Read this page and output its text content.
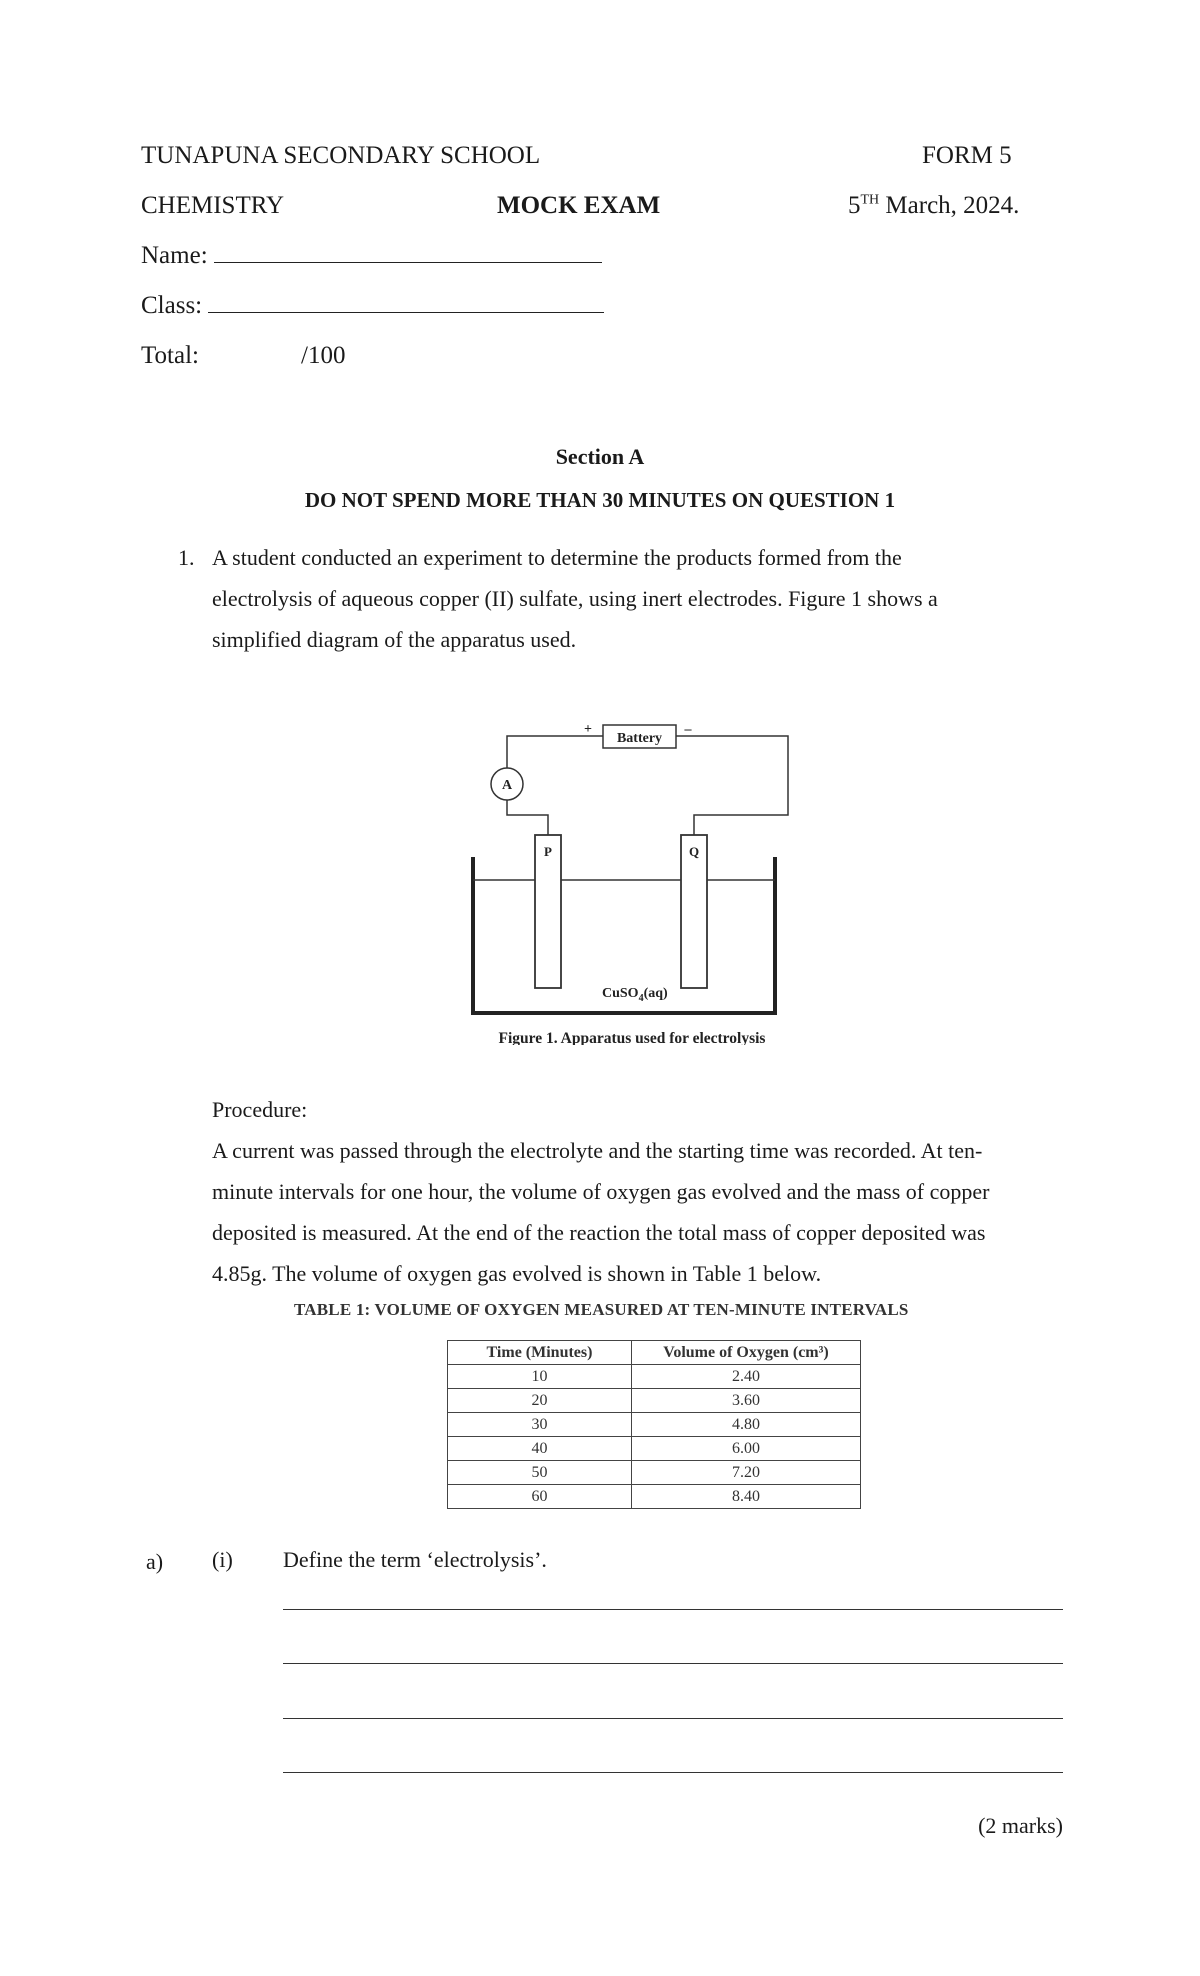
TUNAPUNA SECONDARY SCHOOL	FORM 5
CHEMISTRY	MOCK EXAM	5TH March, 2024.
Name:
Class:
Total:	/100
Section A
DO NOT SPEND MORE THAN 30 MINUTES ON QUESTION 1
1. A student conducted an experiment to determine the products formed from the
electrolysis of aqueous copper (II) sulfate, using inert electrodes. Figure 1 shows a
simplified diagram of the apparatus used.
Battery
+	–
A
P	Q
CuSO$_4$(aq)
Figure 1. Apparatus used for electrolysis
Procedure:
A current was passed through the electrolyte and the starting time was recorded. At ten-
minute intervals for one hour, the volume of oxygen gas evolved and the mass of copper
deposited is measured. At the end of the reaction the total mass of copper deposited was
4.85g. The volume of oxygen gas evolved is shown in Table 1 below.
TABLE 1: VOLUME OF OXYGEN MEASURED AT TEN-MINUTE INTERVALS
Time (Minutes)	Volume of Oxygen (cm³)
10	2.40
20	3.60
30	4.80
40	6.00
50	7.20
60	8.40
a) (i) Define the term ‘electrolysis’.
(2 marks)
